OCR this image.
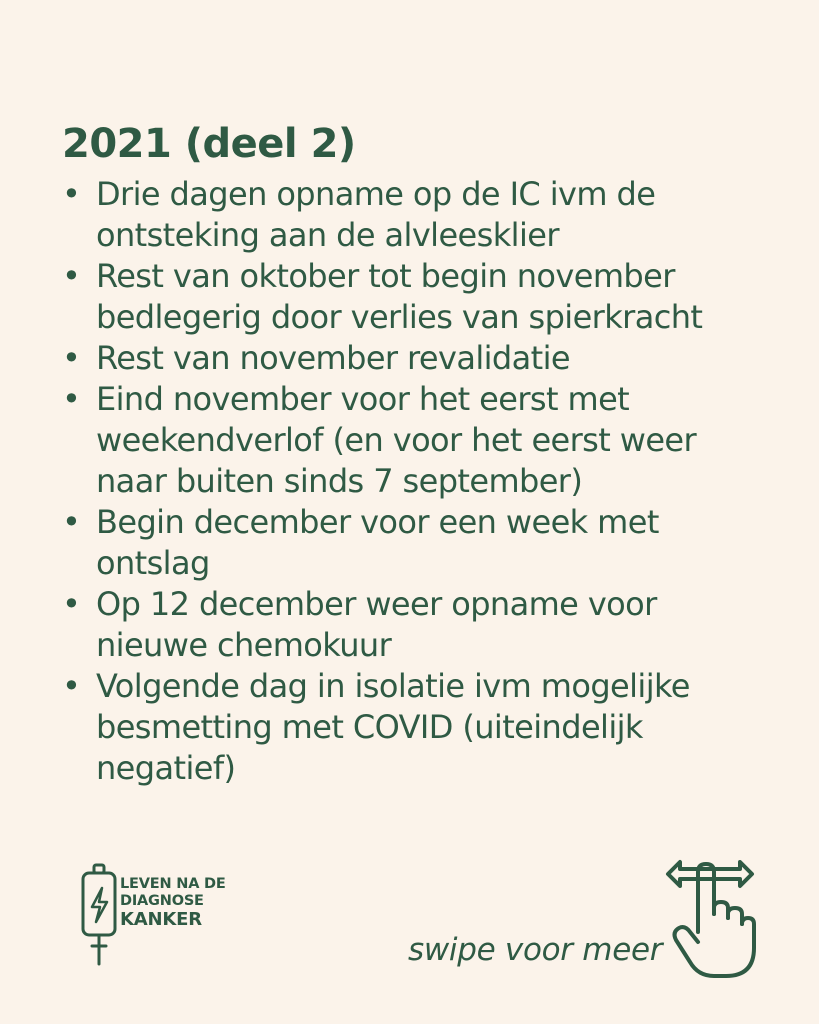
2021 (deel 2)
• Drie dagen opname op de IC ivm de
ontsteking aan de alvleesklier
• Rest van oktober tot begin november
bedlegerig door verlies van spierkracht
• Rest van november revalidatie
• Eind november voor het eerst met
weekendverlof (en voor het eerst weer
naar buiten sinds 7 september)
• Begin december voor een week met
ontslag
• Op 12 december weer opname voor
nieuwe chemokuur
• Volgende dag in isolatie ivm mogelijke
besmetting met COVID (uiteindelijk
negatief)
LEVEN NA DE
DIAGNOSE
KANKER
swipe voor meer
